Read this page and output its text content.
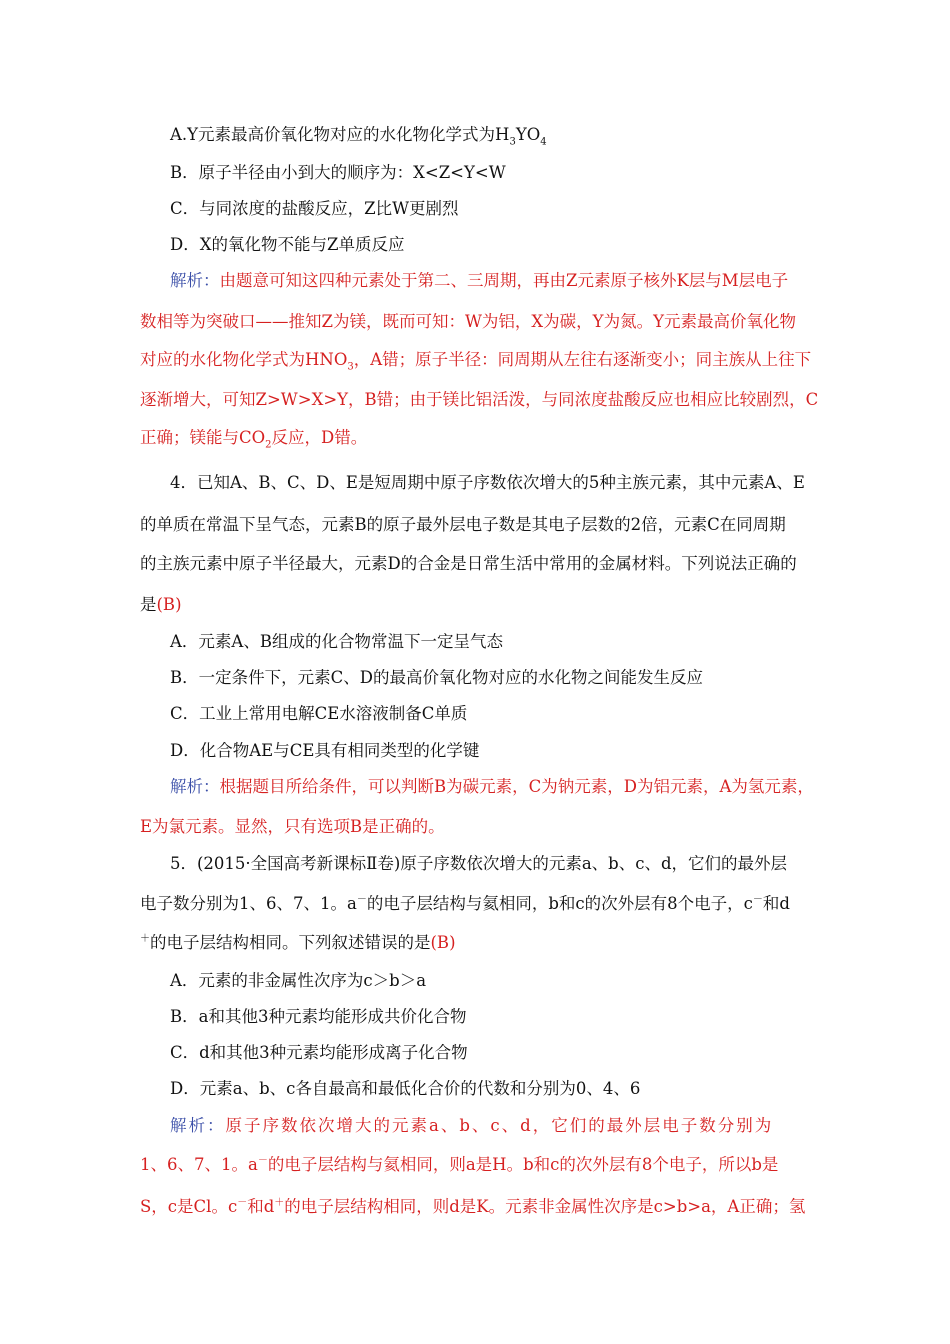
A.Y元素最高价氧化物对应的水化物化学式为$H_3YO_4$
B．原子半径由小到大的顺序为：X<Z<Y<W
C．与同浓度的盐酸反应，Z比W更剧烈
D．X的氧化物不能与Z单质反应
解析：由题意可知这四种元素处于第二、三周期，再由Z元素原子核外K层与M层电子
数相等为突破口——推知Z为镁，既而可知：W为铝，X为碳，Y为氮。Y元素最高价氧化物
对应的水化物化学式为$HNO_3$，A错；原子半径：同周期从左往右逐渐变小；同主族从上往下
逐渐增大，可知Z>W>X>Y，B错；由于镁比铝活泼，与同浓度盐酸反应也相应比较剧烈，C
正确；镁能与$CO_2$反应，D错。
4．已知A、B、C、D、E是短周期中原子序数依次增大的5种主族元素，其中元素A、E
的单质在常温下呈气态，元素B的原子最外层电子数是其电子层数的2倍，元素C在同周期
的主族元素中原子半径最大，元素D的合金是日常生活中常用的金属材料。下列说法正确的
是(B)
A．元素A、B组成的化合物常温下一定呈气态
B．一定条件下，元素C、D的最高价氧化物对应的水化物之间能发生反应
C．工业上常用电解CE水溶液制备C单质
D．化合物AE与CE具有相同类型的化学键
解析：根据题目所给条件，可以判断B为碳元素，C为钠元素，D为铝元素，A为氢元素，
E为氯元素。显然，只有选项B是正确的。
5．(2015·全国高考新课标Ⅱ卷)原子序数依次增大的元素a、b、c、d，它们的最外层
电子数分别为1、6、7、1。a－的电子层结构与氦相同，b和c的次外层有8个电子，c－和d
＋的电子层结构相同。下列叙述错误的是(B)
A．元素的非金属性次序为c＞b＞a
B．a和其他3种元素均能形成共价化合物
C．d和其他3种元素均能形成离子化合物
D．元素a、b、c各自最高和最低化合价的代数和分别为0、4、6
解析：原子序数依次增大的元素a、b、c、d，它们的最外层电子数分别为
1、6、7、1。a－的电子层结构与氦相同，则a是H。b和c的次外层有8个电子，所以b是
S，c是Cl。c－和d＋的电子层结构相同，则d是K。元素非金属性次序是c>b>a，A正确；氢
